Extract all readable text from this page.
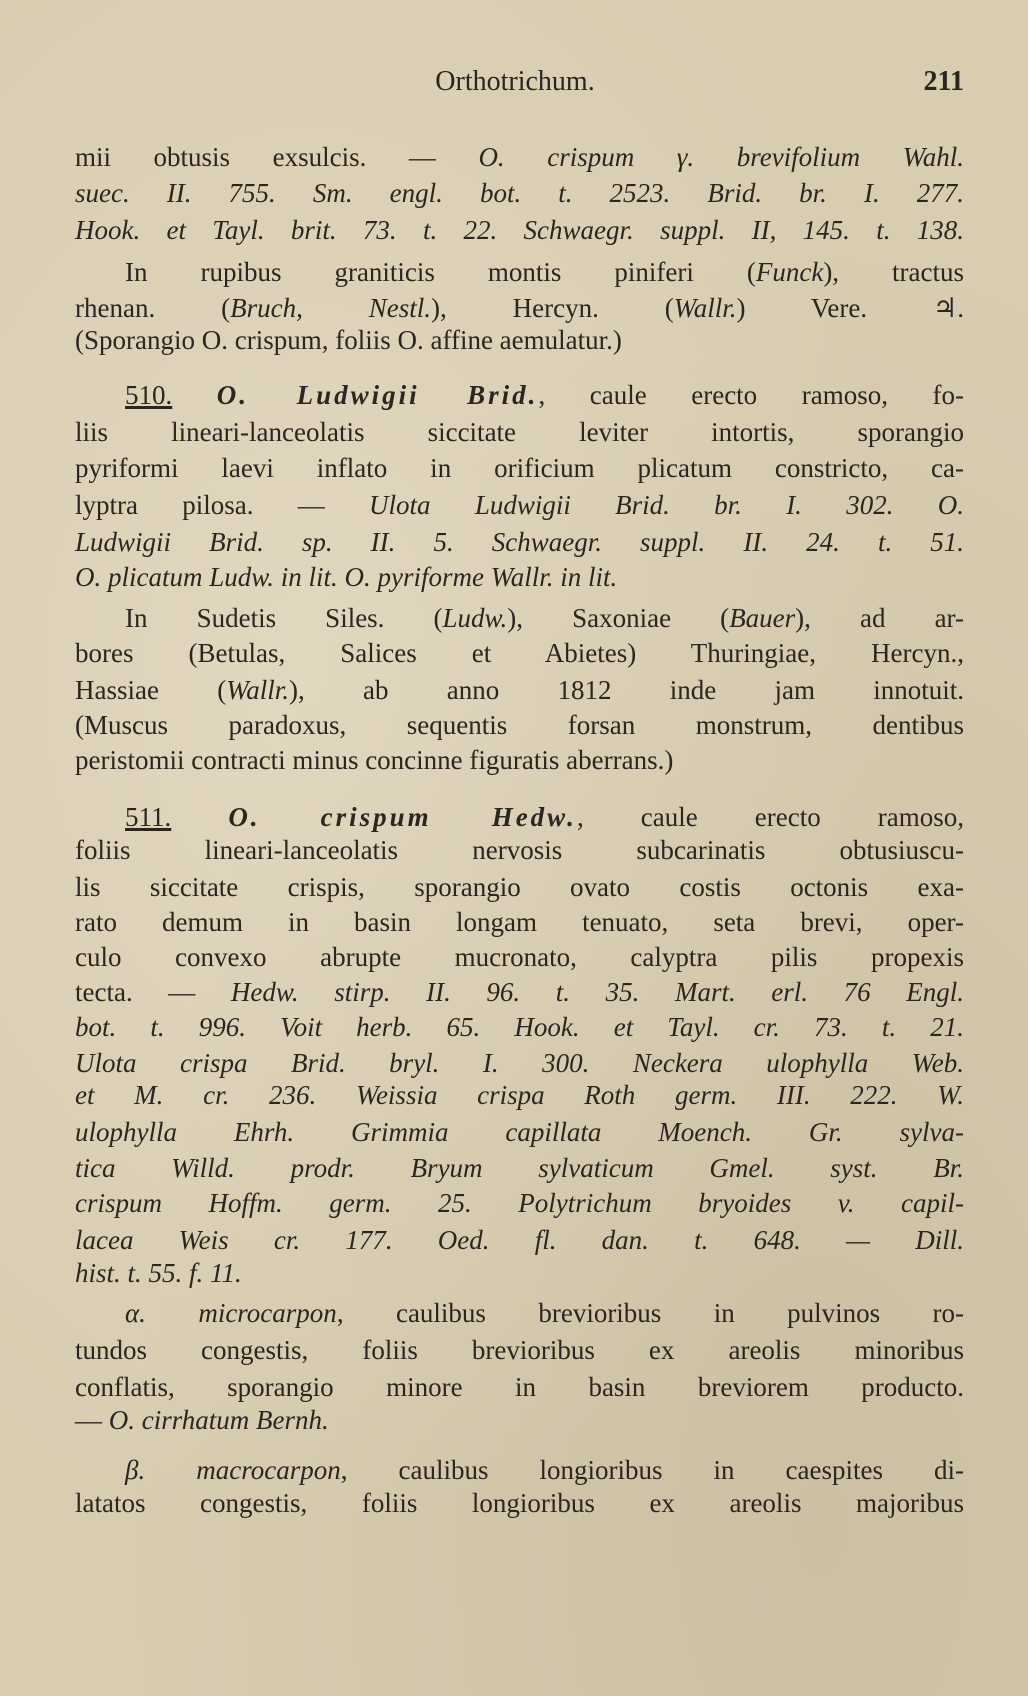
Orthotrichum.	211
mii obtusis exsulcis. — O. crispum γ. brevifolium Wahl.
suec. II. 755. Sm. engl. bot. t. 2523. Brid. br. I. 277.
Hook. et Tayl. brit. 73. t. 22. Schwaegr. suppl. II, 145. t. 138.
In rupibus graniticis montis piniferi (Funck), tractus
rhenan. (Bruch, Nestl.), Hercyn. (Wallr.) Vere. ♃.
(Sporangio O. crispum, foliis O. affine aemulatur.)
510. O. Ludwigii Brid., caule erecto ramoso, fo-
liis lineari-lanceolatis siccitate leviter intortis, sporangio
pyriformi laevi inflato in orificium plicatum constricto, ca-
lyptra pilosa. — Ulota Ludwigii Brid. br. I. 302. O.
Ludwigii Brid. sp. II. 5. Schwaegr. suppl. II. 24. t. 51.
O. plicatum Ludw. in lit. O. pyriforme Wallr. in lit.
In Sudetis Siles. (Ludw.), Saxoniae (Bauer), ad ar-
bores (Betulas, Salices et Abietes) Thuringiae, Hercyn.,
Hassiae (Wallr.), ab anno 1812 inde jam innotuit.
(Muscus paradoxus, sequentis forsan monstrum, dentibus
peristomii contracti minus concinne figuratis aberrans.)
511. O. crispum Hedw., caule erecto ramoso,
foliis lineari-lanceolatis nervosis subcarinatis obtusiuscu-
lis siccitate crispis, sporangio ovato costis octonis exa-
rato demum in basin longam tenuato, seta brevi, oper-
culo convexo abrupte mucronato, calyptra pilis propexis
tecta. — Hedw. stirp. II. 96. t. 35. Mart. erl. 76 Engl.
bot. t. 996. Voit herb. 65. Hook. et Tayl. cr. 73. t. 21.
Ulota crispa Brid. bryl. I. 300. Neckera ulophylla Web.
et M. cr. 236. Weissia crispa Roth germ. III. 222. W.
ulophylla Ehrh. Grimmia capillata Moench. Gr. sylva-
tica Willd. prodr. Bryum sylvaticum Gmel. syst. Br.
crispum Hoffm. germ. 25. Polytrichum bryoides v. capil-
lacea Weis cr. 177. Oed. fl. dan. t. 648. — Dill.
hist. t. 55. f. 11.
α. microcarpon, caulibus brevioribus in pulvinos ro-
tundos congestis, foliis brevioribus ex areolis minoribus
conflatis, sporangio minore in basin breviorem producto.
— O. cirrhatum Bernh.
β. macrocarpon, caulibus longioribus in caespites di-
latatos congestis, foliis longioribus ex areolis majoribus
